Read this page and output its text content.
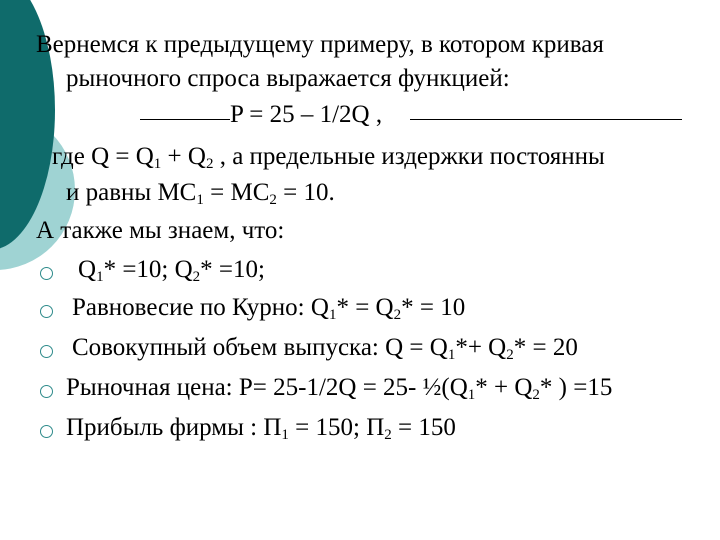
Вернемся к предыдущему примеру, в котором кривая
рыночного спроса выражается функцией:
P = 25 – 1/2Q ,
где $Q = Q_1 + Q_2$ , а предельные издержки постоянны
и равны $MC_1 = MC_2 = 10$.
А также мы знаем, что:
$Q_1* =10$; $Q_2* =10$;
Равновесие по Курно: $Q_1* = Q_2* = 10$
Совокупный объем выпуска: $Q = Q_1*+ Q_2* = 20$
Рыночная цена: P= 25-1/2Q = 25- $\frac{1}{2}(Q_1* + Q_2*$ ) =15
Прибыль фирмы : $П_1 = 150$; $П_2 = 150$
